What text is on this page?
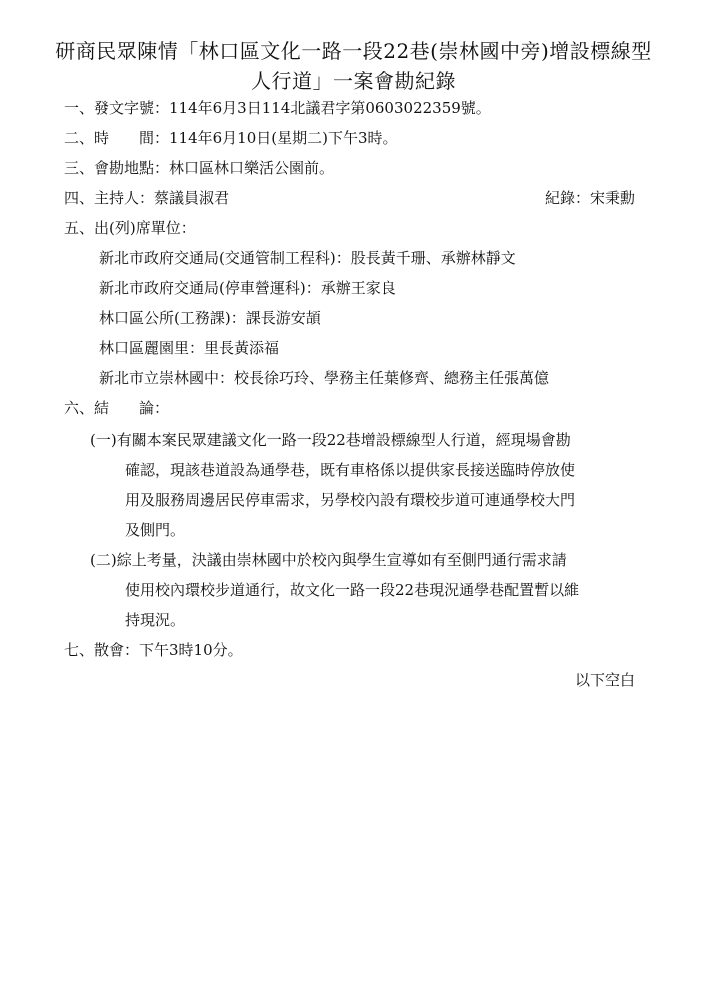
研商民眾陳情「林口區文化一路一段22巷(崇林國中旁)增設標線型
人行道」一案會勘紀錄
一、發文字號：114年6月3日114北議君字第0603022359號。
二、時　　間：114年6月10日(星期二)下午3時。
三、會勘地點：林口區林口樂活公園前。
四、主持人：蔡議員淑君	紀錄：宋秉勳
五、出(列)席單位：
新北市政府交通局(交通管制工程科)：股長黃千珊、承辦林靜文
新北市政府交通局(停車營運科)：承辦王家良
林口區公所(工務課)：課長游安頡
林口區麗園里：里長黃添福
新北市立崇林國中：校長徐巧玲、學務主任葉修齊、總務主任張萬億
六、結　　論：
(一)有關本案民眾建議文化一路一段22巷增設標線型人行道，經現場會勘
確認，現該巷道設為通學巷，既有車格係以提供家長接送臨時停放使
用及服務周邊居民停車需求，另學校內設有環校步道可連通學校大門
及側門。
(二)綜上考量，決議由崇林國中於校內與學生宣導如有至側門通行需求請
使用校內環校步道通行，故文化一路一段22巷現況通學巷配置暫以維
持現況。
七、散會：下午3時10分。
以下空白
